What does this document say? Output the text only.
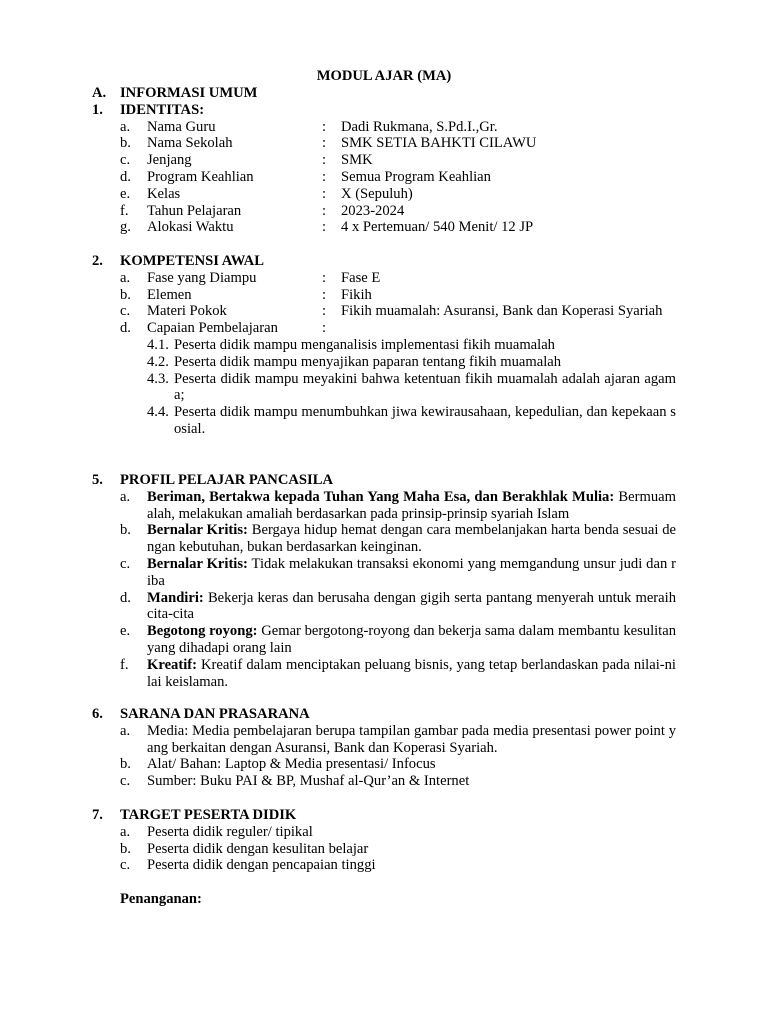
MODUL AJAR (MA)
A. INFORMASI UMUM
1. IDENTITAS:
a. Nama Guru	: Dadi Rukmana, S.Pd.I.,Gr.
b. Nama Sekolah	: SMK SETIA BAHKTI CILAWU
c. Jenjang	: SMK
d. Program Keahlian	: Semua Program Keahlian
e. Kelas	: X (Sepuluh)
f. Tahun Pelajaran	: 2023-2024
g. Alokasi Waktu	: 4 x Pertemuan/ 540 Menit/ 12 JP
2. KOMPETENSI AWAL
a. Fase yang Diampu	: Fase E
b. Elemen	: Fikih
c. Materi Pokok	: Fikih muamalah: Asuransi, Bank dan Koperasi Syariah
d. Capaian Pembelajaran	:
4.1. Peserta didik mampu menganalisis implementasi fikih muamalah
4.2. Peserta didik mampu menyajikan paparan tentang fikih muamalah
4.3. Peserta didik mampu meyakini bahwa ketentuan fikih muamalah adalah ajaran agama;
4.4. Peserta didik mampu menumbuhkan jiwa kewirausahaan, kepedulian, dan kepekaan sosial.
5. PROFIL PELAJAR PANCASILA
a. Beriman, Bertakwa kepada Tuhan Yang Maha Esa, dan Berakhlak Mulia: Bermuamalah, melakukan amaliah berdasarkan pada prinsip-prinsip syariah Islam
b. Bernalar Kritis: Bergaya hidup hemat dengan cara membelanjakan harta benda sesuai dengan kebutuhan, bukan berdasarkan keinginan.
c. Bernalar Kritis: Tidak melakukan transaksi ekonomi yang memgandung unsur judi dan riba
d. Mandiri: Bekerja keras dan berusaha dengan gigih serta pantang menyerah untuk meraih cita-cita
e. Begotong royong: Gemar bergotong-royong dan bekerja sama dalam membantu kesulitan yang dihadapi orang lain
f. Kreatif: Kreatif dalam menciptakan peluang bisnis, yang tetap berlandaskan pada nilai-nilai keislaman.
6. SARANA DAN PRASARANA
a. Media: Media pembelajaran berupa tampilan gambar pada media presentasi power point yang berkaitan dengan Asuransi, Bank dan Koperasi Syariah.
b. Alat/ Bahan: Laptop & Media presentasi/ Infocus
c. Sumber: Buku PAI & BP, Mushaf al-Qur’an & Internet
7. TARGET PESERTA DIDIK
a. Peserta didik reguler/ tipikal
b. Peserta didik dengan kesulitan belajar
c. Peserta didik dengan pencapaian tinggi
Penanganan:
